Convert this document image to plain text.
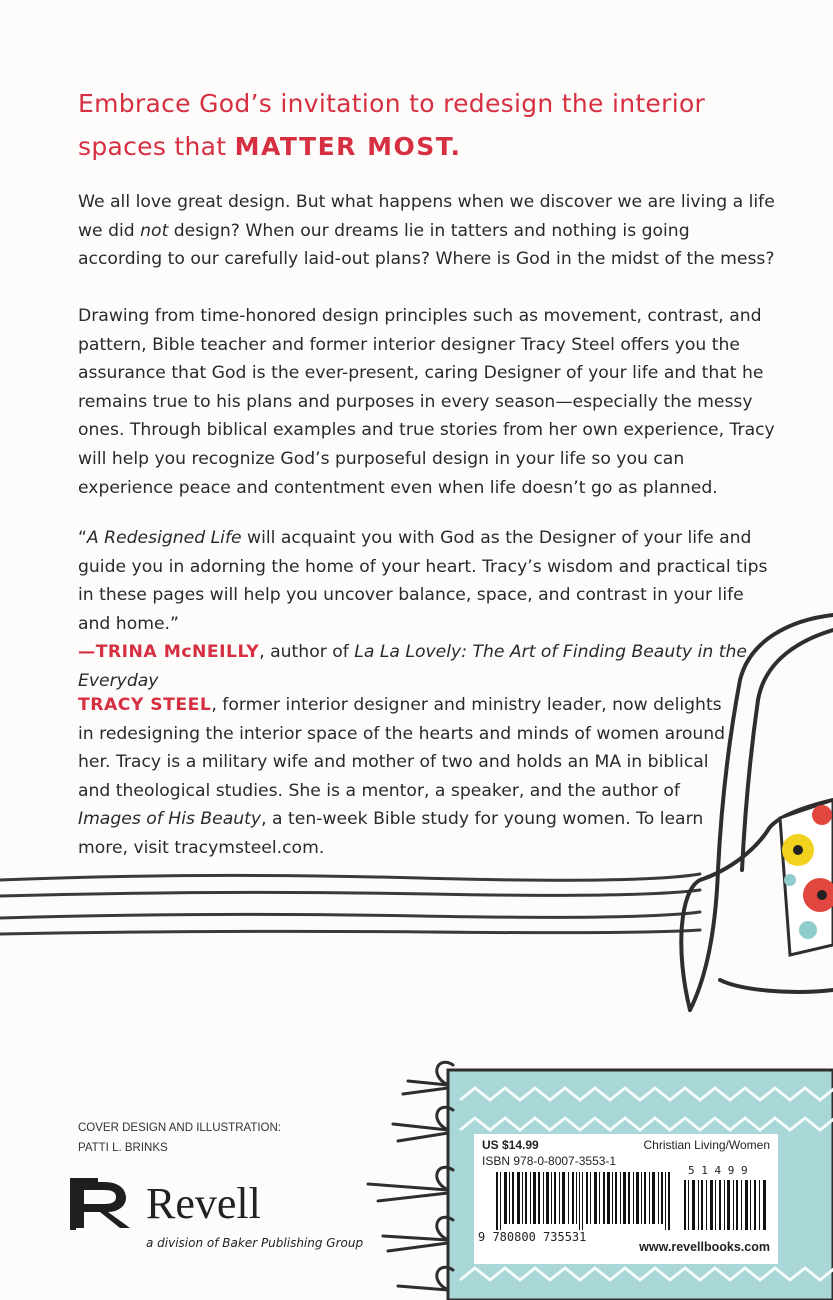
Embrace God’s invitation to redesign the interior spaces that MATTER MOST.
We all love great design. But what happens when we discover we are living a life we did not design? When our dreams lie in tatters and nothing is going according to our carefully laid-out plans? Where is God in the midst of the mess?
Drawing from time-honored design principles such as movement, contrast, and pattern, Bible teacher and former interior designer Tracy Steel offers you the assurance that God is the ever-present, caring Designer of your life and that he remains true to his plans and purposes in every season—especially the messy ones. Through biblical examples and true stories from her own experience, Tracy will help you recognize God’s purposeful design in your life so you can experience peace and contentment even when life doesn’t go as planned.
“A Redesigned Life will acquaint you with God as the Designer of your life and guide you in adorning the home of your heart. Tracy’s wisdom and practical tips in these pages will help you uncover balance, space, and contrast in your life and home.”
—TRINA McNEILLY, author of La La Lovely: The Art of Finding Beauty in the Everyday
TRACY STEEL, former interior designer and ministry leader, now delights in redesigning the interior space of the hearts and minds of women around her. Tracy is a military wife and mother of two and holds an MA in biblical and theological studies. She is a mentor, a speaker, and the author of Images of His Beauty, a ten-week Bible study for young women. To learn more, visit tracymsteel.com.
COVER DESIGN AND ILLUSTRATION:
PATTI L. BRINKS
Revell
a division of Baker Publishing Group
US $14.99	Christian Living/Women
ISBN 978-0-8007-3553-1
5 1 4 9 9
9 780800 735531
www.revellbooks.com
